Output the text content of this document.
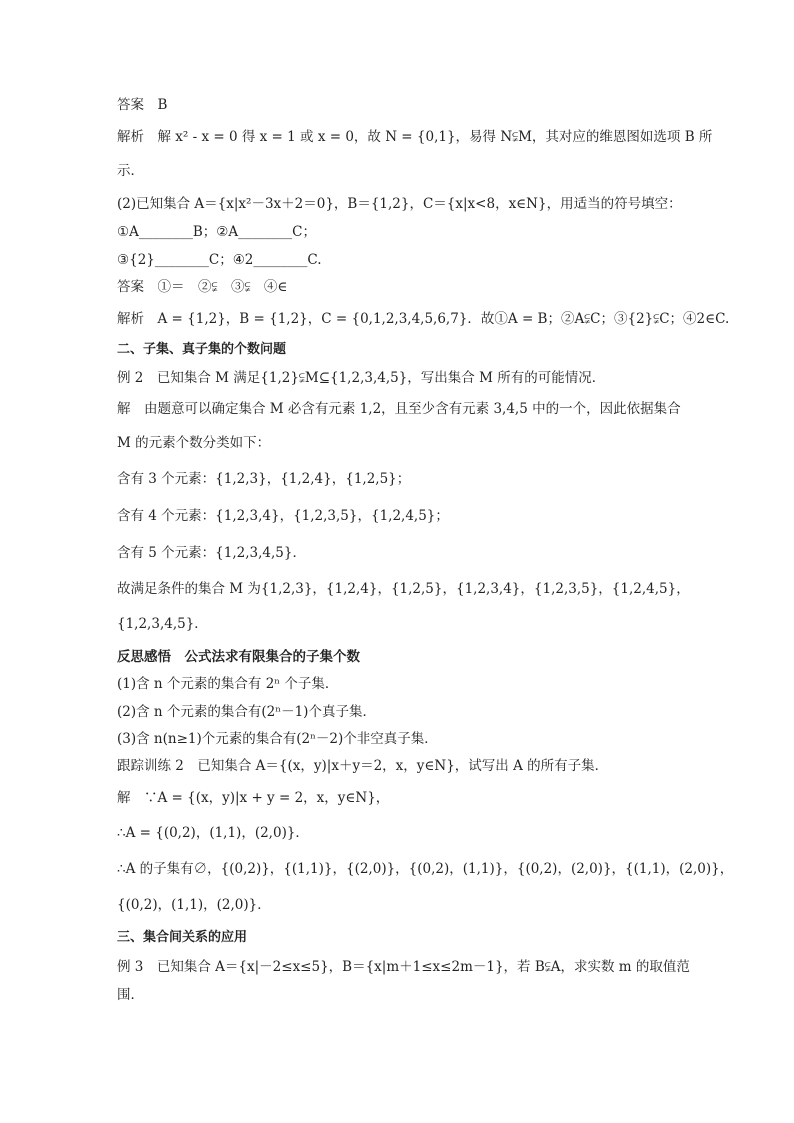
答案　B
解析　解 x² - x = 0 得 x = 1 或 x = 0，故 N = {0,1}，易得 N⫋M，其对应的维恩图如选项 B 所
示．
(2)已知集合 A＝{x|x²－3x＋2＝0}，B＝{1,2}，C＝{x|x<8，x∈N}，用适当的符号填空：
①A________B；②A________C；
③{2}________C；④2________C.
答案　①＝　②⫋　③⫋　④∈
解析　A = {1,2}，B = {1,2}，C = {0,1,2,3,4,5,6,7}．故①A = B；②A⫋C；③{2}⫋C；④2∈C.
二、子集、真子集的个数问题
例 2　已知集合 M 满足{1,2}⫋M⊆{1,2,3,4,5}，写出集合 M 所有的可能情况．
解　由题意可以确定集合 M 必含有元素 1,2，且至少含有元素 3,4,5 中的一个，因此依据集合
M 的元素个数分类如下：
含有 3 个元素：{1,2,3}，{1,2,4}，{1,2,5}；
含有 4 个元素：{1,2,3,4}，{1,2,3,5}，{1,2,4,5}；
含有 5 个元素：{1,2,3,4,5}．
故满足条件的集合 M 为{1,2,3}，{1,2,4}，{1,2,5}，{1,2,3,4}，{1,2,3,5}，{1,2,4,5}，
{1,2,3,4,5}．
反思感悟　公式法求有限集合的子集个数
(1)含 n 个元素的集合有 2ⁿ 个子集．
(2)含 n 个元素的集合有(2ⁿ－1)个真子集．
(3)含 n(n≥1)个元素的集合有(2ⁿ－2)个非空真子集．
跟踪训练 2　已知集合 A＝{(x，y)|x＋y＝2，x，y∈N}，试写出 A 的所有子集．
解　∵A = {(x，y)|x + y = 2，x，y∈N}，
∴A = {(0,2)，(1,1)，(2,0)}．
∴A 的子集有∅，{(0,2)}，{(1,1)}，{(2,0)}，{(0,2)，(1,1)}，{(0,2)，(2,0)}，{(1,1)，(2,0)}，
{(0,2)，(1,1)，(2,0)}．
三、集合间关系的应用
例 3　已知集合 A＝{x|－2≤x≤5}，B＝{x|m＋1≤x≤2m－1}，若 B⫋A，求实数 m 的取值范
围．
